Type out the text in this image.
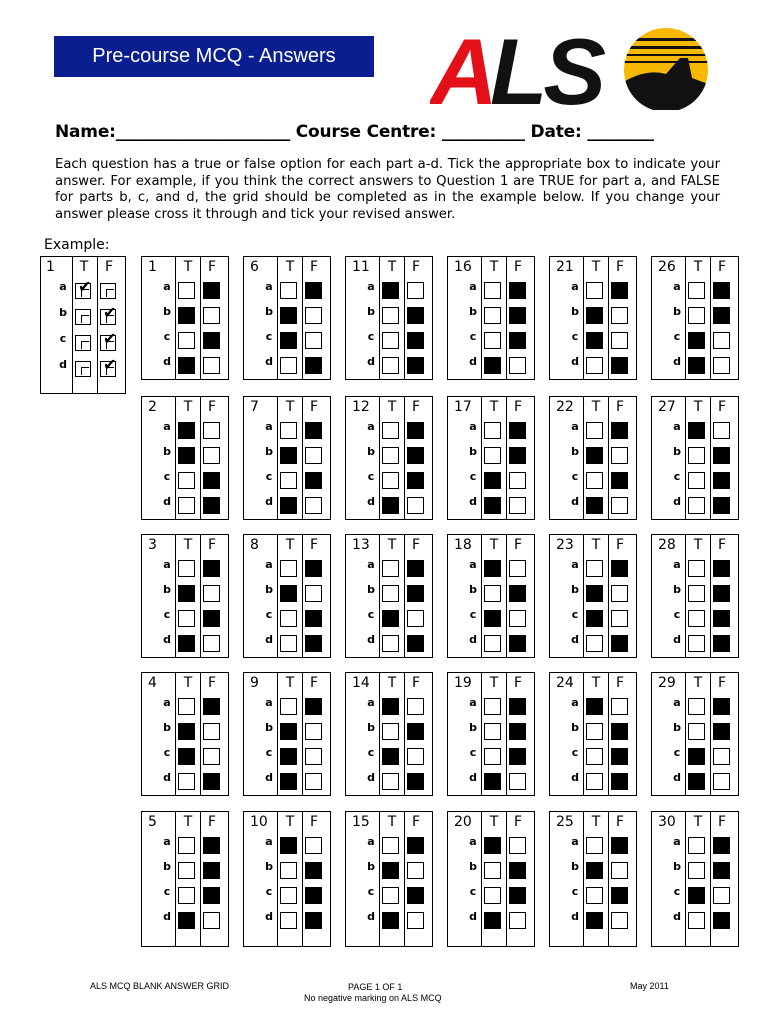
Pre-course MCQ - Answers	A
LS
Name:_____________________ Course Centre: __________ Date: ________
Each question has a true or false option for each part a-d. Tick the appropriate box to indicate your answer. For example, if you think the correct answers to Question 1 are TRUE for part a, and FALSE for parts b, c, and d, the grid should be completed as in the example below. If you change your answer please cross it through and tick your revised answer.
Example:
1 T F
a ✔
b ✔
c ✔
d ✔
1 T F
a
b
c
d
2 T F
a
b
c
d
3 T F
a
b
c
d
4 T F
a
b
c
d
5 T F
a
b
c
d
6 T F
a
b
c
d
7 T F
a
b
c
d
8 T F
a
b
c
d
9 T F
a
b
c
d
10 T F
a
b
c
d
11 T F
a
b
c
d
12 T F
a
b
c
d
13 T F
a
b
c
d
14 T F
a
b
c
d
15 T F
a
b
c
d
16 T F
a
b
c
d
17 T F
a
b
c
d
18 T F
a
b
c
d
19 T F
a
b
c
d
20 T F
a
b
c
d
21 T F
a
b
c
d
22 T F
a
b
c
d
23 T F
a
b
c
d
24 T F
a
b
c
d
25 T F
a
b
c
d
26 T F
a
b
c
d
27 T F
a
b
c
d
28 T F
a
b
c
d
29 T F
a
b
c
d
30 T F
a
b
c
d
ALS MCQ BLANK ANSWER GRID	PAGE 1 OF 1
No negative marking on ALS MCQ
May 2011
